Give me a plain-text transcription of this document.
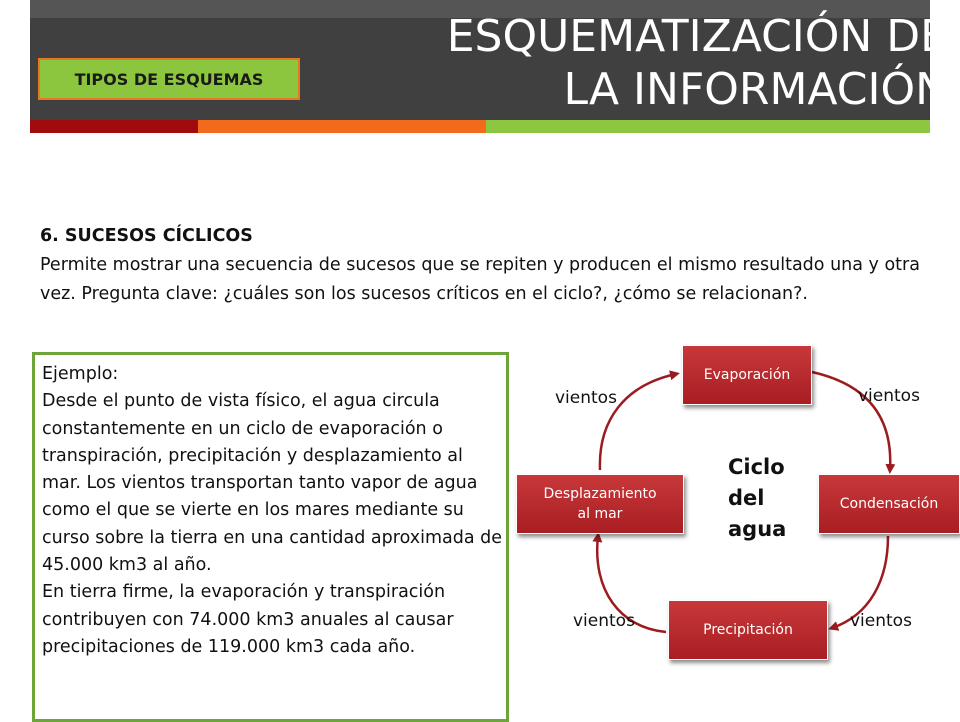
ESQUEMATIZACIÓN DE
LA INFORMACIÓN
TIPOS DE ESQUEMAS
6. SUCESOS CÍCLICOS
Permite mostrar una secuencia de sucesos que se repiten y producen el mismo resultado una y otra vez. Pregunta clave: ¿cuáles son los sucesos críticos en el ciclo?, ¿cómo se relacionan?.
Ejemplo:
Desde el punto de vista físico, el agua circula constantemente en un ciclo de evaporación o transpiración, precipitación y desplazamiento al mar. Los vientos transportan tanto vapor de agua como el que se vierte en los mares mediante su curso sobre la tierra en una cantidad aproximada de 45.000 km3 al año.
En tierra firme, la evaporación y transpiración contribuyen con 74.000 km3 anuales al causar precipitaciones de 119.000 km3 cada año.
Evaporación
Condensación
Precipitación
Desplazamiento
al mar
Ciclo
del
agua
vientos	vientos
vientos	vientos
